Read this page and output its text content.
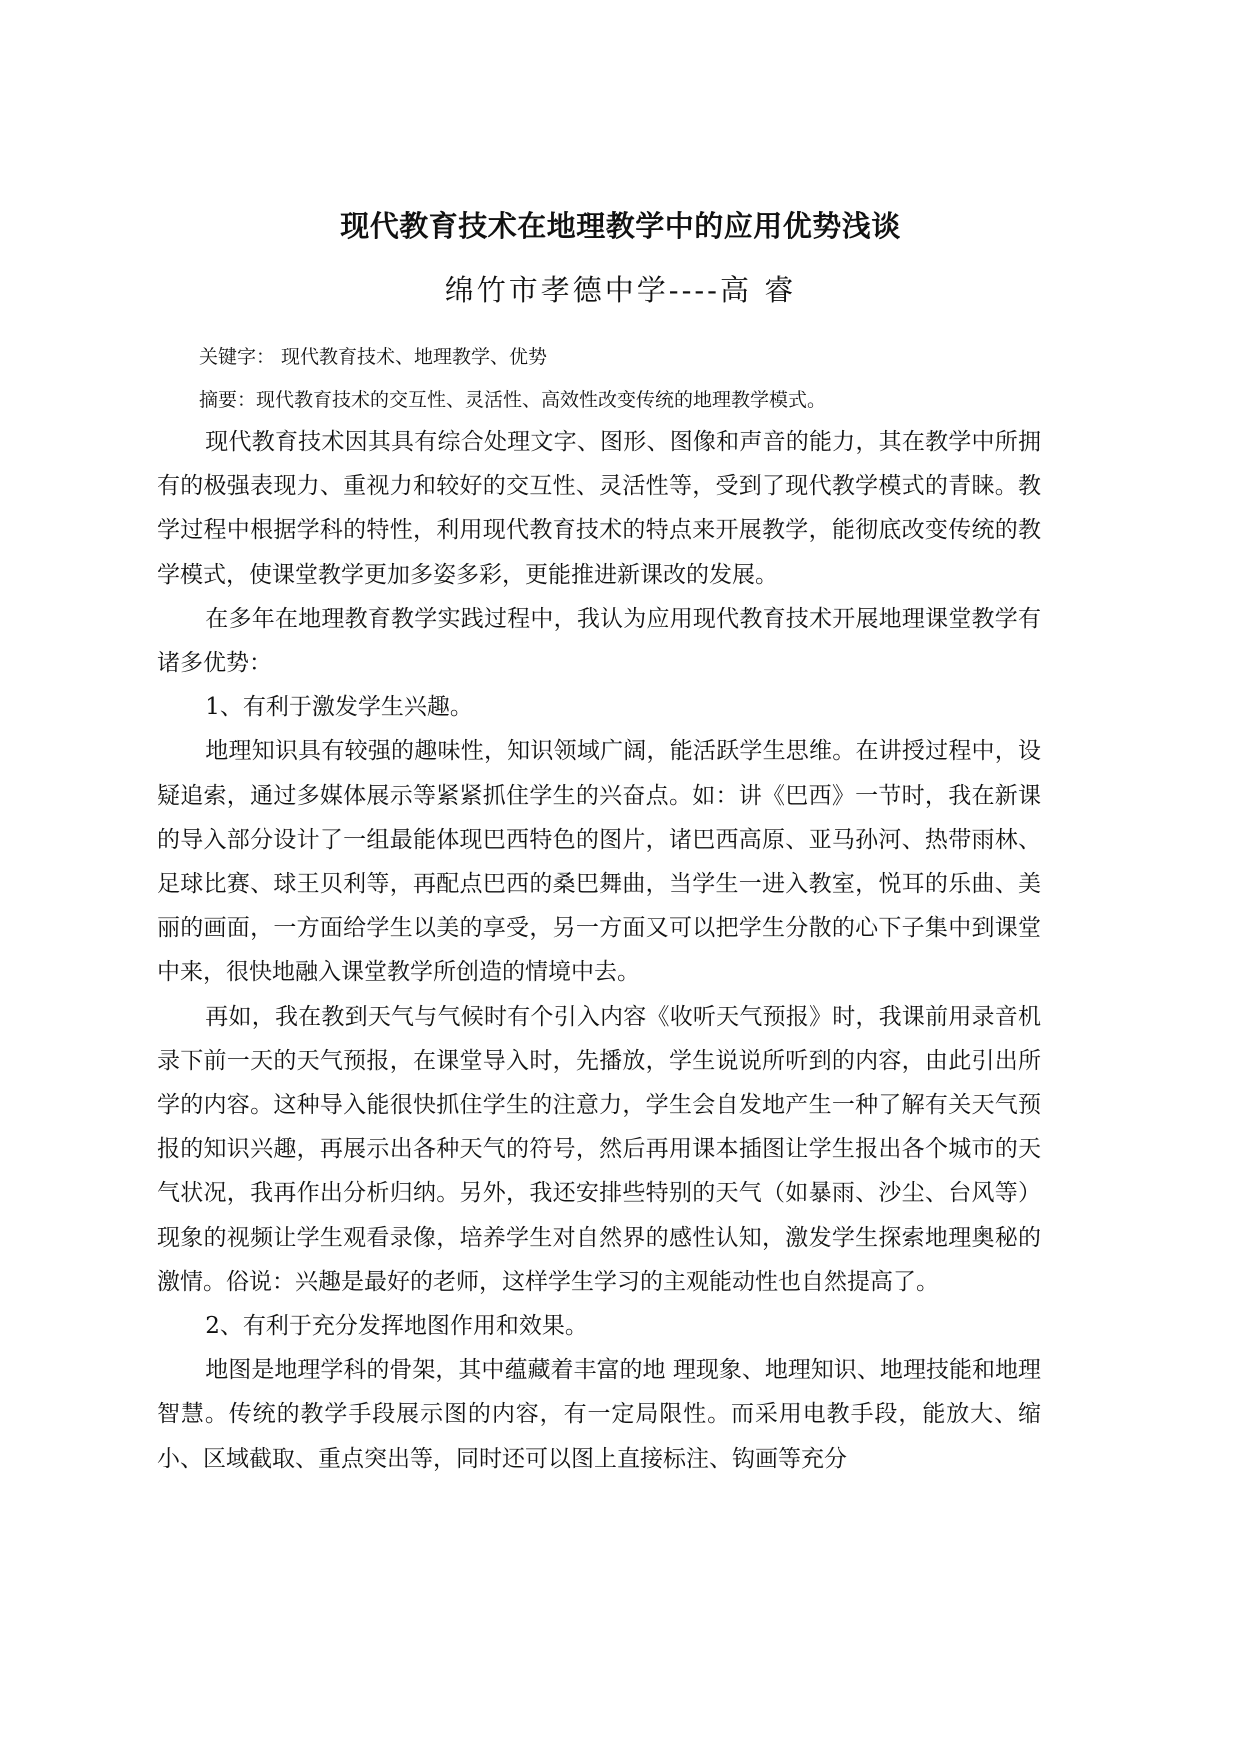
现代教育技术在地理教学中的应用优势浅谈
绵竹市孝德中学----高 睿
关键字： 现代教育技术、地理教学、优势
摘要：现代教育技术的交互性、灵活性、高效性改变传统的地理教学模式。

现代教育技术因其具有综合处理文字、图形、图像和声音的能力，其在教学中所拥有的极强表现力、重视力和较好的交互性、灵活性等，受到了现代教学模式的青睐。教学过程中根据学科的特性，利用现代教育技术的特点来开展教学，能彻底改变传统的教学模式，使课堂教学更加多姿多彩，更能推进新课改的发展。

在多年在地理教育教学实践过程中，我认为应用现代教育技术开展地理课堂教学有诸多优势：

1、有利于激发学生兴趣。

地理知识具有较强的趣味性，知识领域广阔，能活跃学生思维。在讲授过程中，设疑追索，通过多媒体展示等紧紧抓住学生的兴奋点。如：讲《巴西》一节时，我在新课的导入部分设计了一组最能体现巴西特色的图片，诸巴西高原、亚马孙河、热带雨林、足球比赛、球王贝利等，再配点巴西的桑巴舞曲，当学生一进入教室，悦耳的乐曲、美丽的画面，一方面给学生以美的享受，另一方面又可以把学生分散的心下子集中到课堂中来，很快地融入课堂教学所创造的情境中去。

再如，我在教到天气与气候时有个引入内容《收听天气预报》时，我课前用录音机录下前一天的天气预报，在课堂导入时，先播放，学生说说所听到的内容，由此引出所学的内容。这种导入能很快抓住学生的注意力，学生会自发地产生一种了解有关天气预报的知识兴趣，再展示出各种天气的符号，然后再用课本插图让学生报出各个城市的天气状况，我再作出分析归纳。另外，我还安排些特别的天气（如暴雨、沙尘、台风等）现象的视频让学生观看录像，培养学生对自然界的感性认知，激发学生探索地理奥秘的激情。俗说：兴趣是最好的老师，这样学生学习的主观能动性也自然提高了。

2、有利于充分发挥地图作用和效果。

地图是地理学科的骨架，其中蕴藏着丰富的地 理现象、地理知识、地理技能和地理智慧。传统的教学手段展示图的内容，有一定局限性。而采用电教手段，能放大、缩小、区域截取、重点突出等，同时还可以图上直接标注、钩画等充分
